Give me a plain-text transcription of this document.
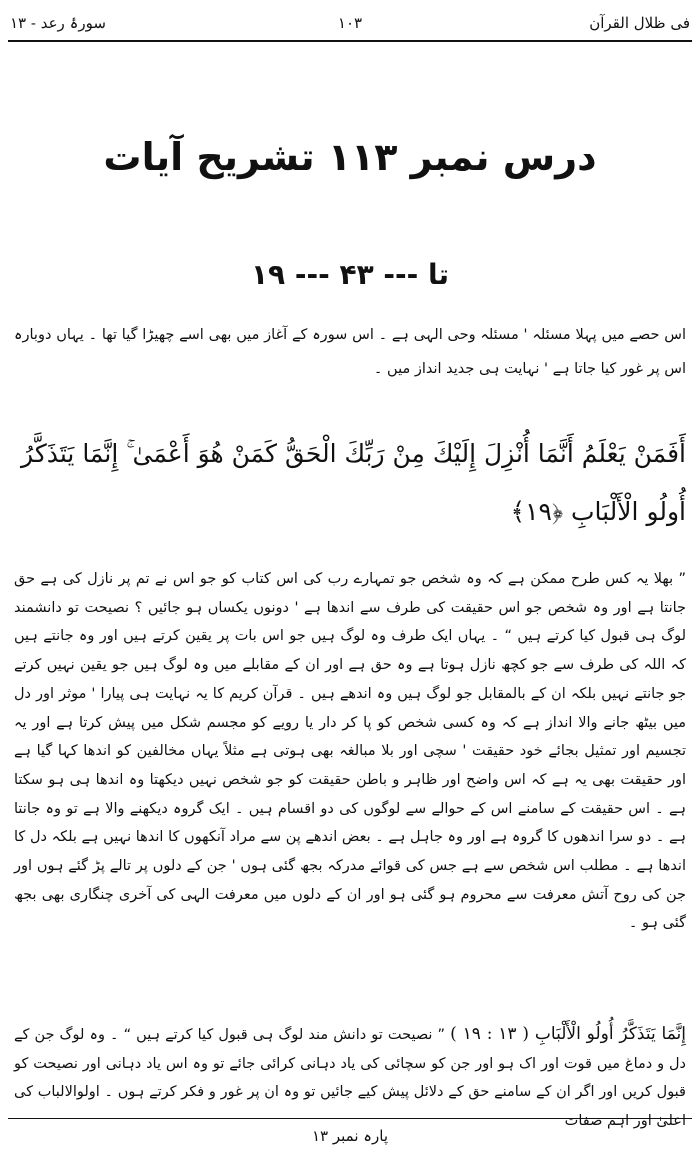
فی ظلال القرآن
۱۰۳
سورۂ رعد - ۱۳
درس نمبر ۱۱۳ تشریح آیات
۱۹ --- تا --- ۴۳

اس حصے میں پہلا مسئلہ ' مسئلہ وحی الہی ہے ۔ اس سورہ کے آغاز میں بھی اسے چھیڑا گیا تھا ۔ یہاں دوبارہ اس پر غور کیا جاتا ہے ' نہایت ہی جدید انداز میں ۔

أَفَمَنْ يَعْلَمُ أَنَّمَا أُنْزِلَ إِلَيْكَ مِنْ رَبِّكَ الْحَقُّ كَمَنْ هُوَ أَعْمَىٰ ۚ إِنَّمَا يَتَذَكَّرُ أُولُو الْأَلْبَابِ ﴿١٩﴾

” بھلا یہ کس طرح ممکن ہے کہ وہ شخص جو تمہارے رب کی اس کتاب کو جو اس نے تم پر نازل کی ہے حق جانتا ہے اور وہ شخص جو اس حقیقت کی طرف سے اندھا ہے ' دونوں یکساں ہو جائیں ؟ نصیحت تو دانشمند لوگ ہی قبول کیا کرتے ہیں “ ۔ یہاں ایک طرف وہ لوگ ہیں جو اس بات پر یقین کرتے ہیں اور وہ جانتے ہیں کہ اللہ کی طرف سے جو کچھ نازل ہوتا ہے وہ حق ہے اور ان کے مقابلے میں وہ لوگ ہیں جو یقین نہیں کرتے جو جانتے نہیں بلکہ ان کے بالمقابل جو لوگ ہیں وہ اندھے ہیں ۔ قرآن کریم کا یہ نہایت ہی پیارا ' موثر اور دل میں بیٹھ جانے والا انداز ہے کہ وہ کسی شخص کو پا کر دار یا رویے کو مجسم شکل میں پیش کرتا ہے اور یہ تجسیم اور تمثیل بجائے خود حقیقت ' سچی اور بلا مبالغہ بھی ہوتی ہے مثلاً یہاں مخالفین کو اندھا کہا گیا ہے اور حقیقت بھی یہ ہے کہ اس واضح اور ظاہر و باطن حقیقت کو جو شخص نہیں دیکھتا وہ اندھا ہی ہو سکتا ہے ۔ اس حقیقت کے سامنے اس کے حوالے سے لوگوں کی دو اقسام ہیں ۔ ایک گروہ دیکھنے والا ہے تو وہ جانتا ہے ۔ دو سرا اندھوں کا گروہ ہے اور وہ جاہل ہے ۔ بعض اندھے پن سے مراد آنکھوں کا اندھا نہیں ہے بلکہ دل کا اندھا ہے ۔ مطلب اس شخص سے ہے جس کی قوائے مدرکہ بجھ گئی ہوں ' جن کے دلوں پر تالے پڑ گئے ہوں اور جن کی روح آتش معرفت سے محروم ہو گئی ہو اور ان کے دلوں میں معرفت الہی کی آخری چنگاری بھی بجھ گئی ہو ۔

إِنَّمَا يَتَذَكَّرُ أُولُو الْأَلْبَابِ ( ١٣ : ١٩ ) ” نصیحت تو دانش مند لوگ ہی قبول کیا کرتے ہیں “ ۔ وہ لوگ جن کے دل و دماغ میں قوت اور اک ہو اور جن کو سچائی کی یاد دہانی کرائی جائے تو وہ اس یاد دہانی اور نصیحت کو قبول کریں اور اگر ان کے سامنے حق کے دلائل پیش کیے جائیں تو وہ ان پر غور و فکر کرتے ہوں ۔ اولوالالباب کی اعلیٰ اور اہم صفات

پارہ نمبر ۱۳
